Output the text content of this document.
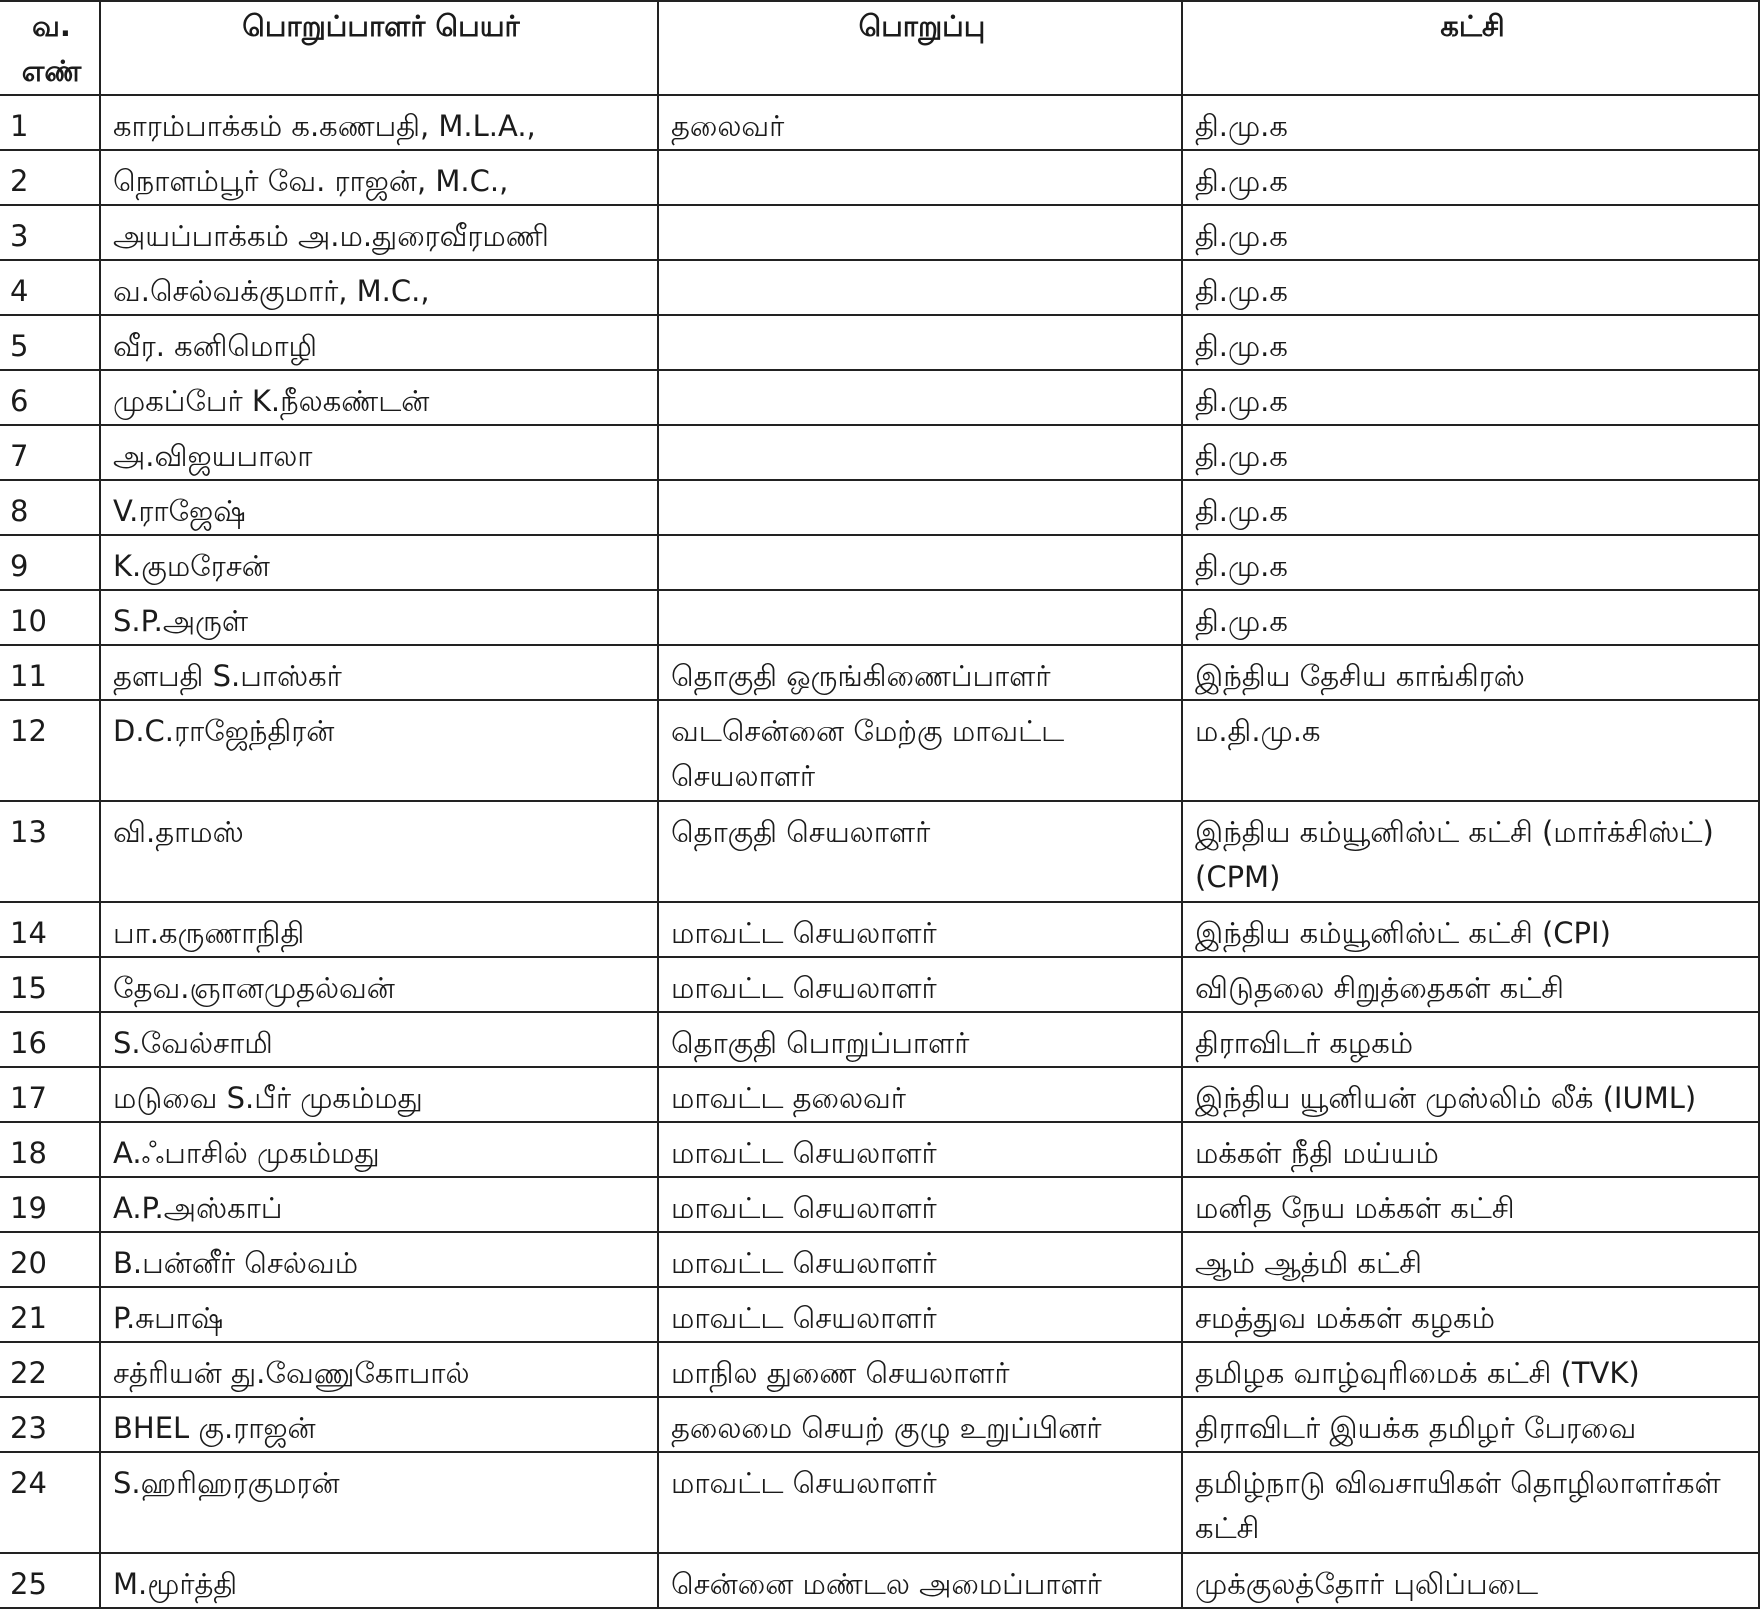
வ.
எண்	பொறுப்பாளர் பெயர்	பொறுப்பு	கட்சி
1	காரம்பாக்கம் க.கணபதி, M.L.A.,	தலைவர்	தி.மு.க
2	நொளம்பூர் வே. ராஜன், M.C.,		தி.மு.க
3	அயப்பாக்கம் அ.ம.துரைவீரமணி		தி.மு.க
4	வ.செல்வக்குமார், M.C.,		தி.மு.க
5	வீர. கனிமொழி		தி.மு.க
6	முகப்பேர் K.நீலகண்டன்		தி.மு.க
7	அ.விஜயபாலா		தி.மு.க
8	V.ராஜேஷ்		தி.மு.க
9	K.குமரேசன்		தி.மு.க
10	S.P.அருள்		தி.மு.க
11	தளபதி S.பாஸ்கர்	தொகுதி ஒருங்கிணைப்பாளர்	இந்திய தேசிய காங்கிரஸ்

12	D.C.ராஜேந்திரன்	வடசென்னை மேற்கு மாவட்ட செயலாளர்	ம.தி.மு.க

13	வி.தாமஸ்	தொகுதி செயலாளர்	இந்திய கம்யூனிஸ்ட் கட்சி (மார்க்சிஸ்ட்) (CPM)

14	பா.கருணாநிதி	மாவட்ட செயலாளர்	இந்திய கம்யூனிஸ்ட் கட்சி (CPI)
15	தேவ.ஞானமுதல்வன்	மாவட்ட செயலாளர்	விடுதலை சிறுத்தைகள் கட்சி
16	S.வேல்சாமி	தொகுதி பொறுப்பாளர்	திராவிடர் கழகம்
17	மடுவை S.பீர் முகம்மது	மாவட்ட தலைவர்	இந்திய யூனியன் முஸ்லிம் லீக் (IUML)
18	A.ஃபாசில் முகம்மது	மாவட்ட செயலாளர்	மக்கள் நீதி மய்யம்
19	A.P.அஸ்காப்	மாவட்ட செயலாளர்	மனித நேய மக்கள் கட்சி
20	B.பன்னீர் செல்வம்	மாவட்ட செயலாளர்	ஆம் ஆத்மி கட்சி
21	P.சுபாஷ்	மாவட்ட செயலாளர்	சமத்துவ மக்கள் கழகம்
22	சத்ரியன் து.வேணுகோபால்	மாநில துணை செயலாளர்	தமிழக வாழ்வுரிமைக் கட்சி (TVK)
23	BHEL கு.ராஜன்	தலைமை செயற் குழு உறுப்பினர்	திராவிடர் இயக்க தமிழர் பேரவை

24	S.ஹரிஹரகுமரன்	மாவட்ட செயலாளர்	தமிழ்நாடு விவசாயிகள் தொழிலாளர்கள் கட்சி

25	M.மூர்த்தி	சென்னை மண்டல அமைப்பாளர்	முக்குலத்தோர் புலிப்படை
